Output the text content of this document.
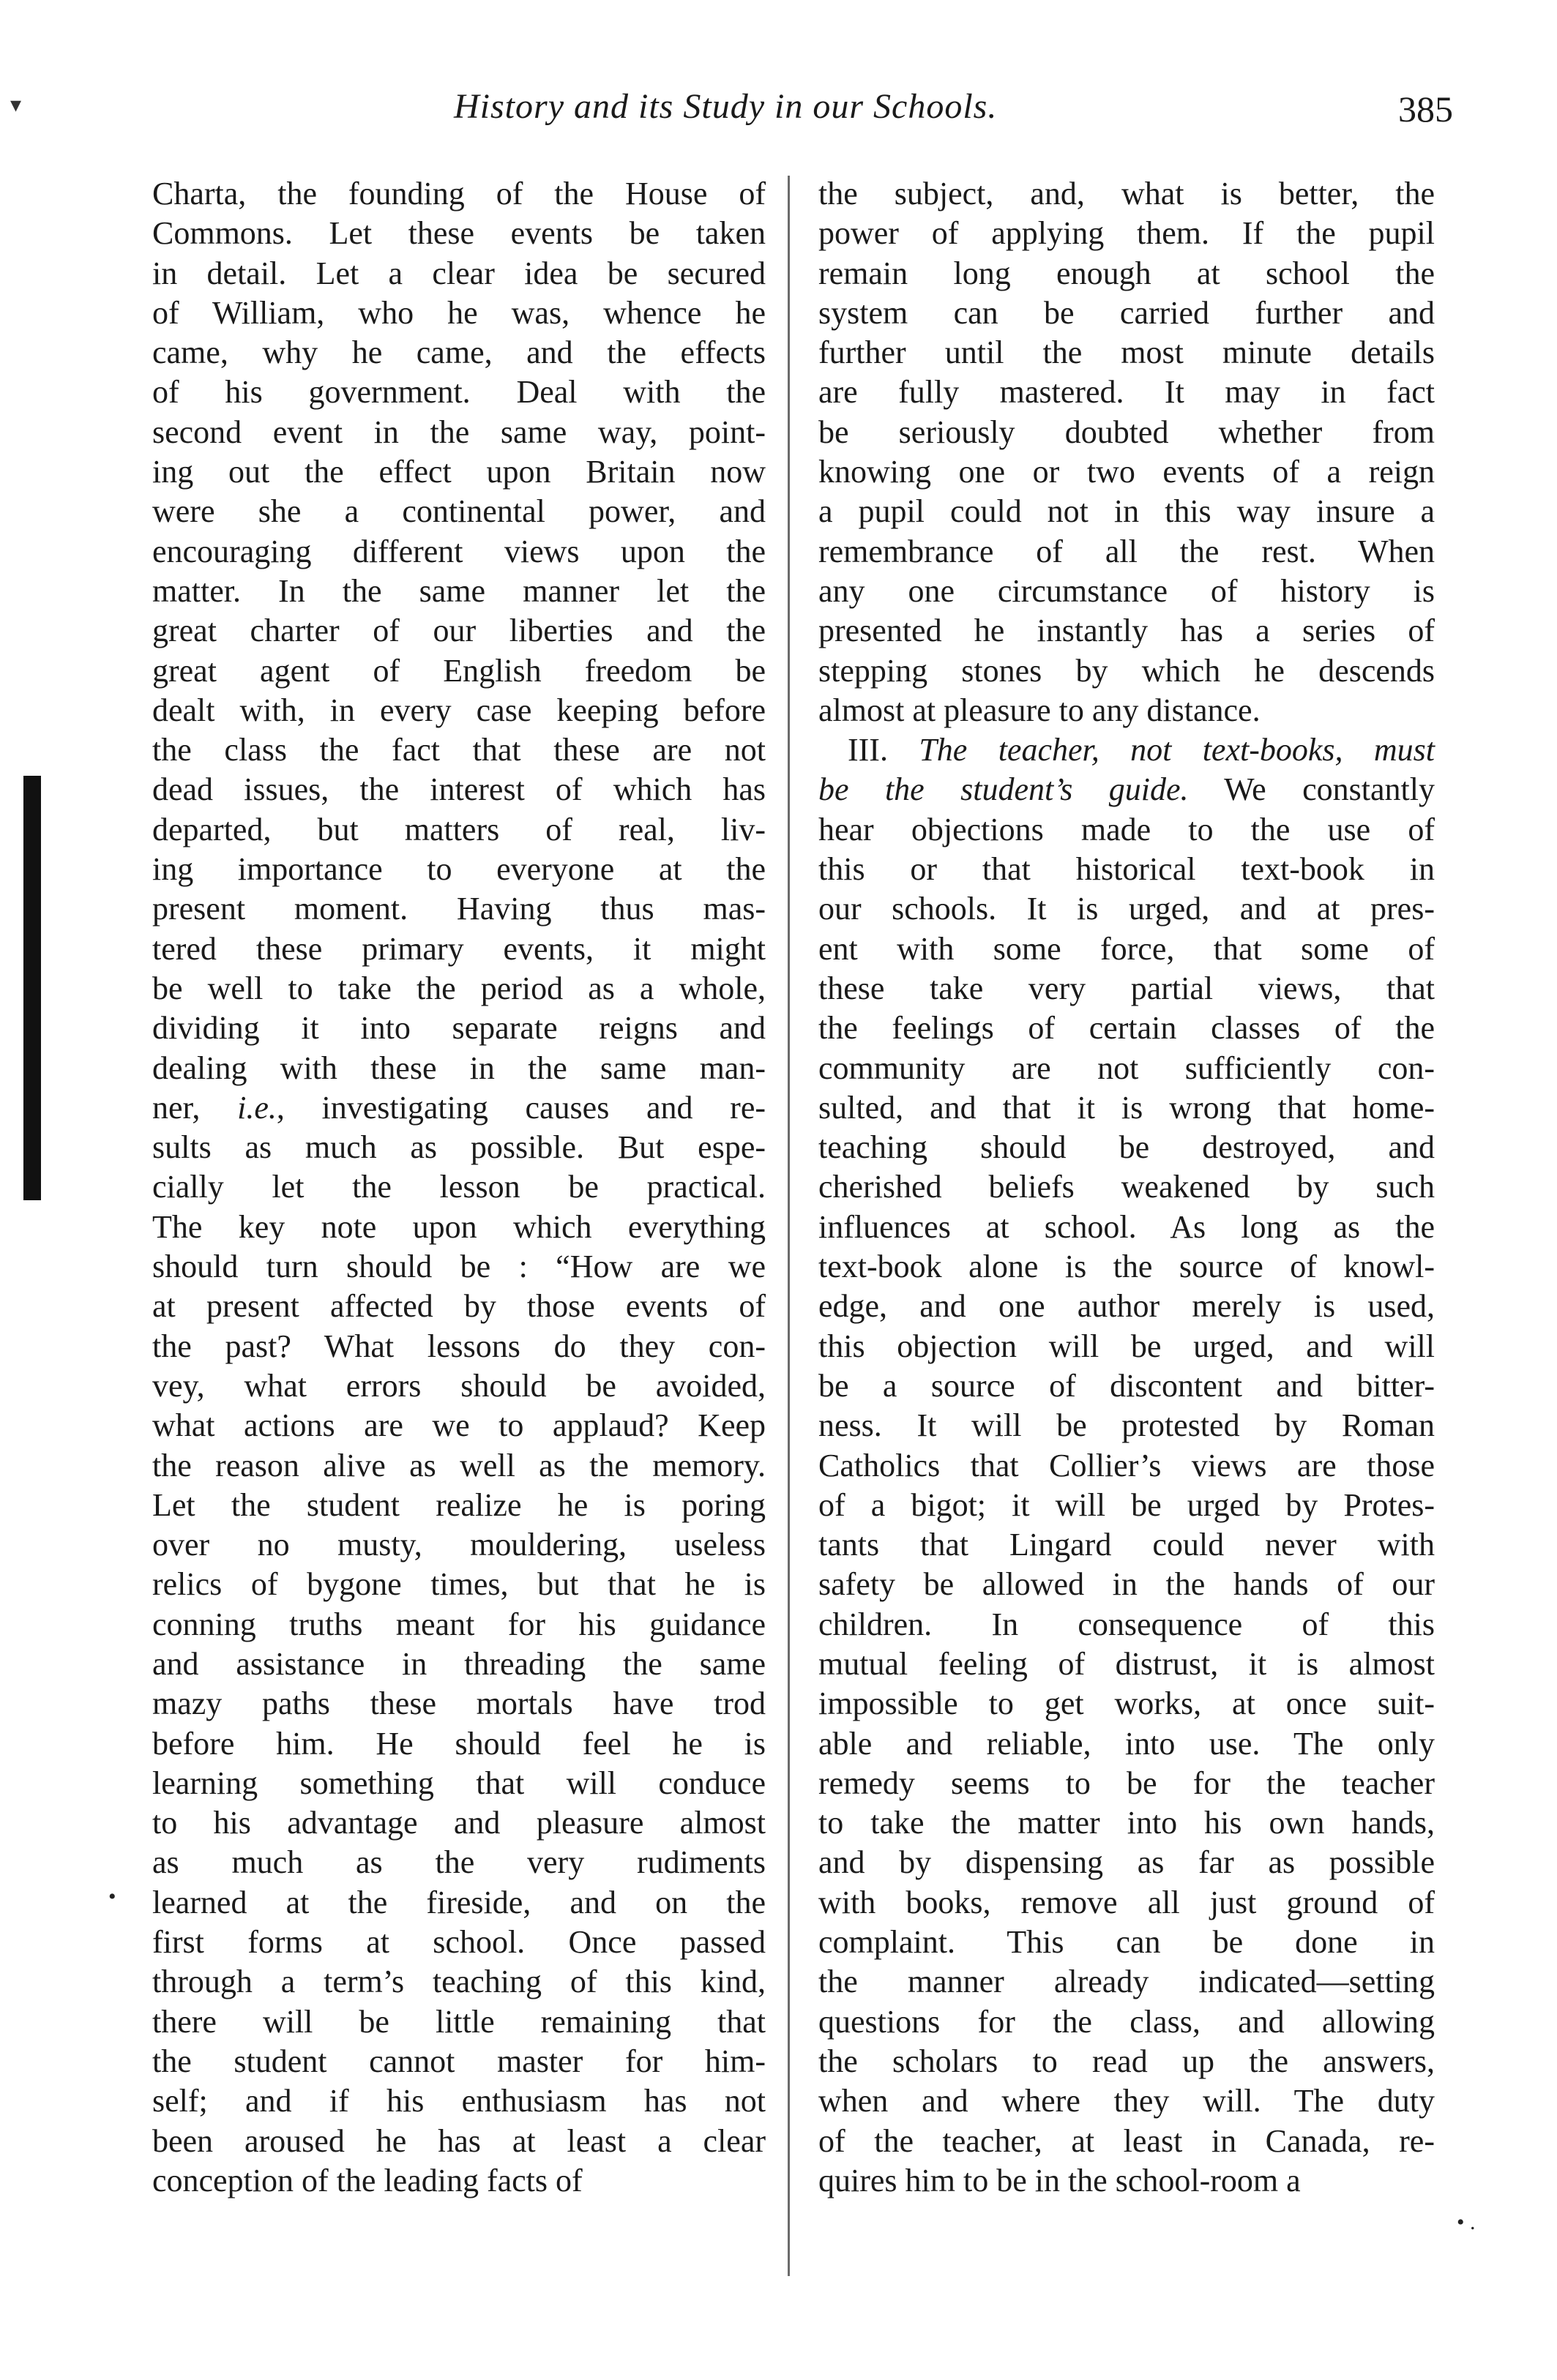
▾	History and its Study in our Schools.	385
Charta, the founding of the House of
Commons. Let these events be taken
in detail. Let a clear idea be secured
of William, who he was, whence he
came, why he came, and the effects
of his government. Deal with the
second event in the same way, point-
ing out the effect upon Britain now
were she a continental power, and
encouraging different views upon the
matter. In the same manner let the
great charter of our liberties and the
great agent of English freedom be
dealt with, in every case keeping before
the class the fact that these are not
dead issues, the interest of which has
departed, but matters of real, liv-
ing importance to everyone at the
present moment. Having thus mas-
tered these primary events, it might
be well to take the period as a whole,
dividing it into separate reigns and
dealing with these in the same man-
ner, i.e., investigating causes and re-
sults as much as possible. But espe-
cially let the lesson be practical.
The key note upon which everything
should turn should be : “How are we
at present affected by those events of
the past? What lessons do they con-
vey, what errors should be avoided,
what actions are we to applaud? Keep
the reason alive as well as the memory.
Let the student realize he is poring
over no musty, mouldering, useless
relics of bygone times, but that he is
conning truths meant for his guidance
and assistance in threading the same
mazy paths these mortals have trod
before him. He should feel he is
learning something that will conduce
to his advantage and pleasure almost
as much as the very rudiments
learned at the fireside, and on the
first forms at school. Once passed
through a term’s teaching of this kind,
there will be little remaining that
the student cannot master for him-
self; and if his enthusiasm has not
been aroused he has at least a clear
conception of the leading facts of
the subject, and, what is better, the
power of applying them. If the pupil
remain long enough at school the
system can be carried further and
further until the most minute details
are fully mastered. It may in fact
be seriously doubted whether from
knowing one or two events of a reign
a pupil could not in this way insure a
remembrance of all the rest. When
any one circumstance of history is
presented he instantly has a series of
stepping stones by which he descends
almost at pleasure to any distance.
III. The teacher, not text-books, must
be the student’s guide. We constantly
hear objections made to the use of
this or that historical text-book in
our schools. It is urged, and at pres-
ent with some force, that some of
these take very partial views, that
the feelings of certain classes of the
community are not sufficiently con-
sulted, and that it is wrong that home-
teaching should be destroyed, and
cherished beliefs weakened by such
influences at school. As long as the
text-book alone is the source of knowl-
edge, and one author merely is used,
this objection will be urged, and will
be a source of discontent and bitter-
ness. It will be protested by Roman
Catholics that Collier’s views are those
of a bigot; it will be urged by Protes-
tants that Lingard could never with
safety be allowed in the hands of our
children. In consequence of this
mutual feeling of distrust, it is almost
impossible to get works, at once suit-
able and reliable, into use. The only
remedy seems to be for the teacher
to take the matter into his own hands,
and by dispensing as far as possible
with books, remove all just ground of
complaint. This can be done in
the manner already indicated—setting
questions for the class, and allowing
the scholars to read up the answers,
when and where they will. The duty
of the teacher, at least in Canada, re-
quires him to be in the school-room a
•
• .
